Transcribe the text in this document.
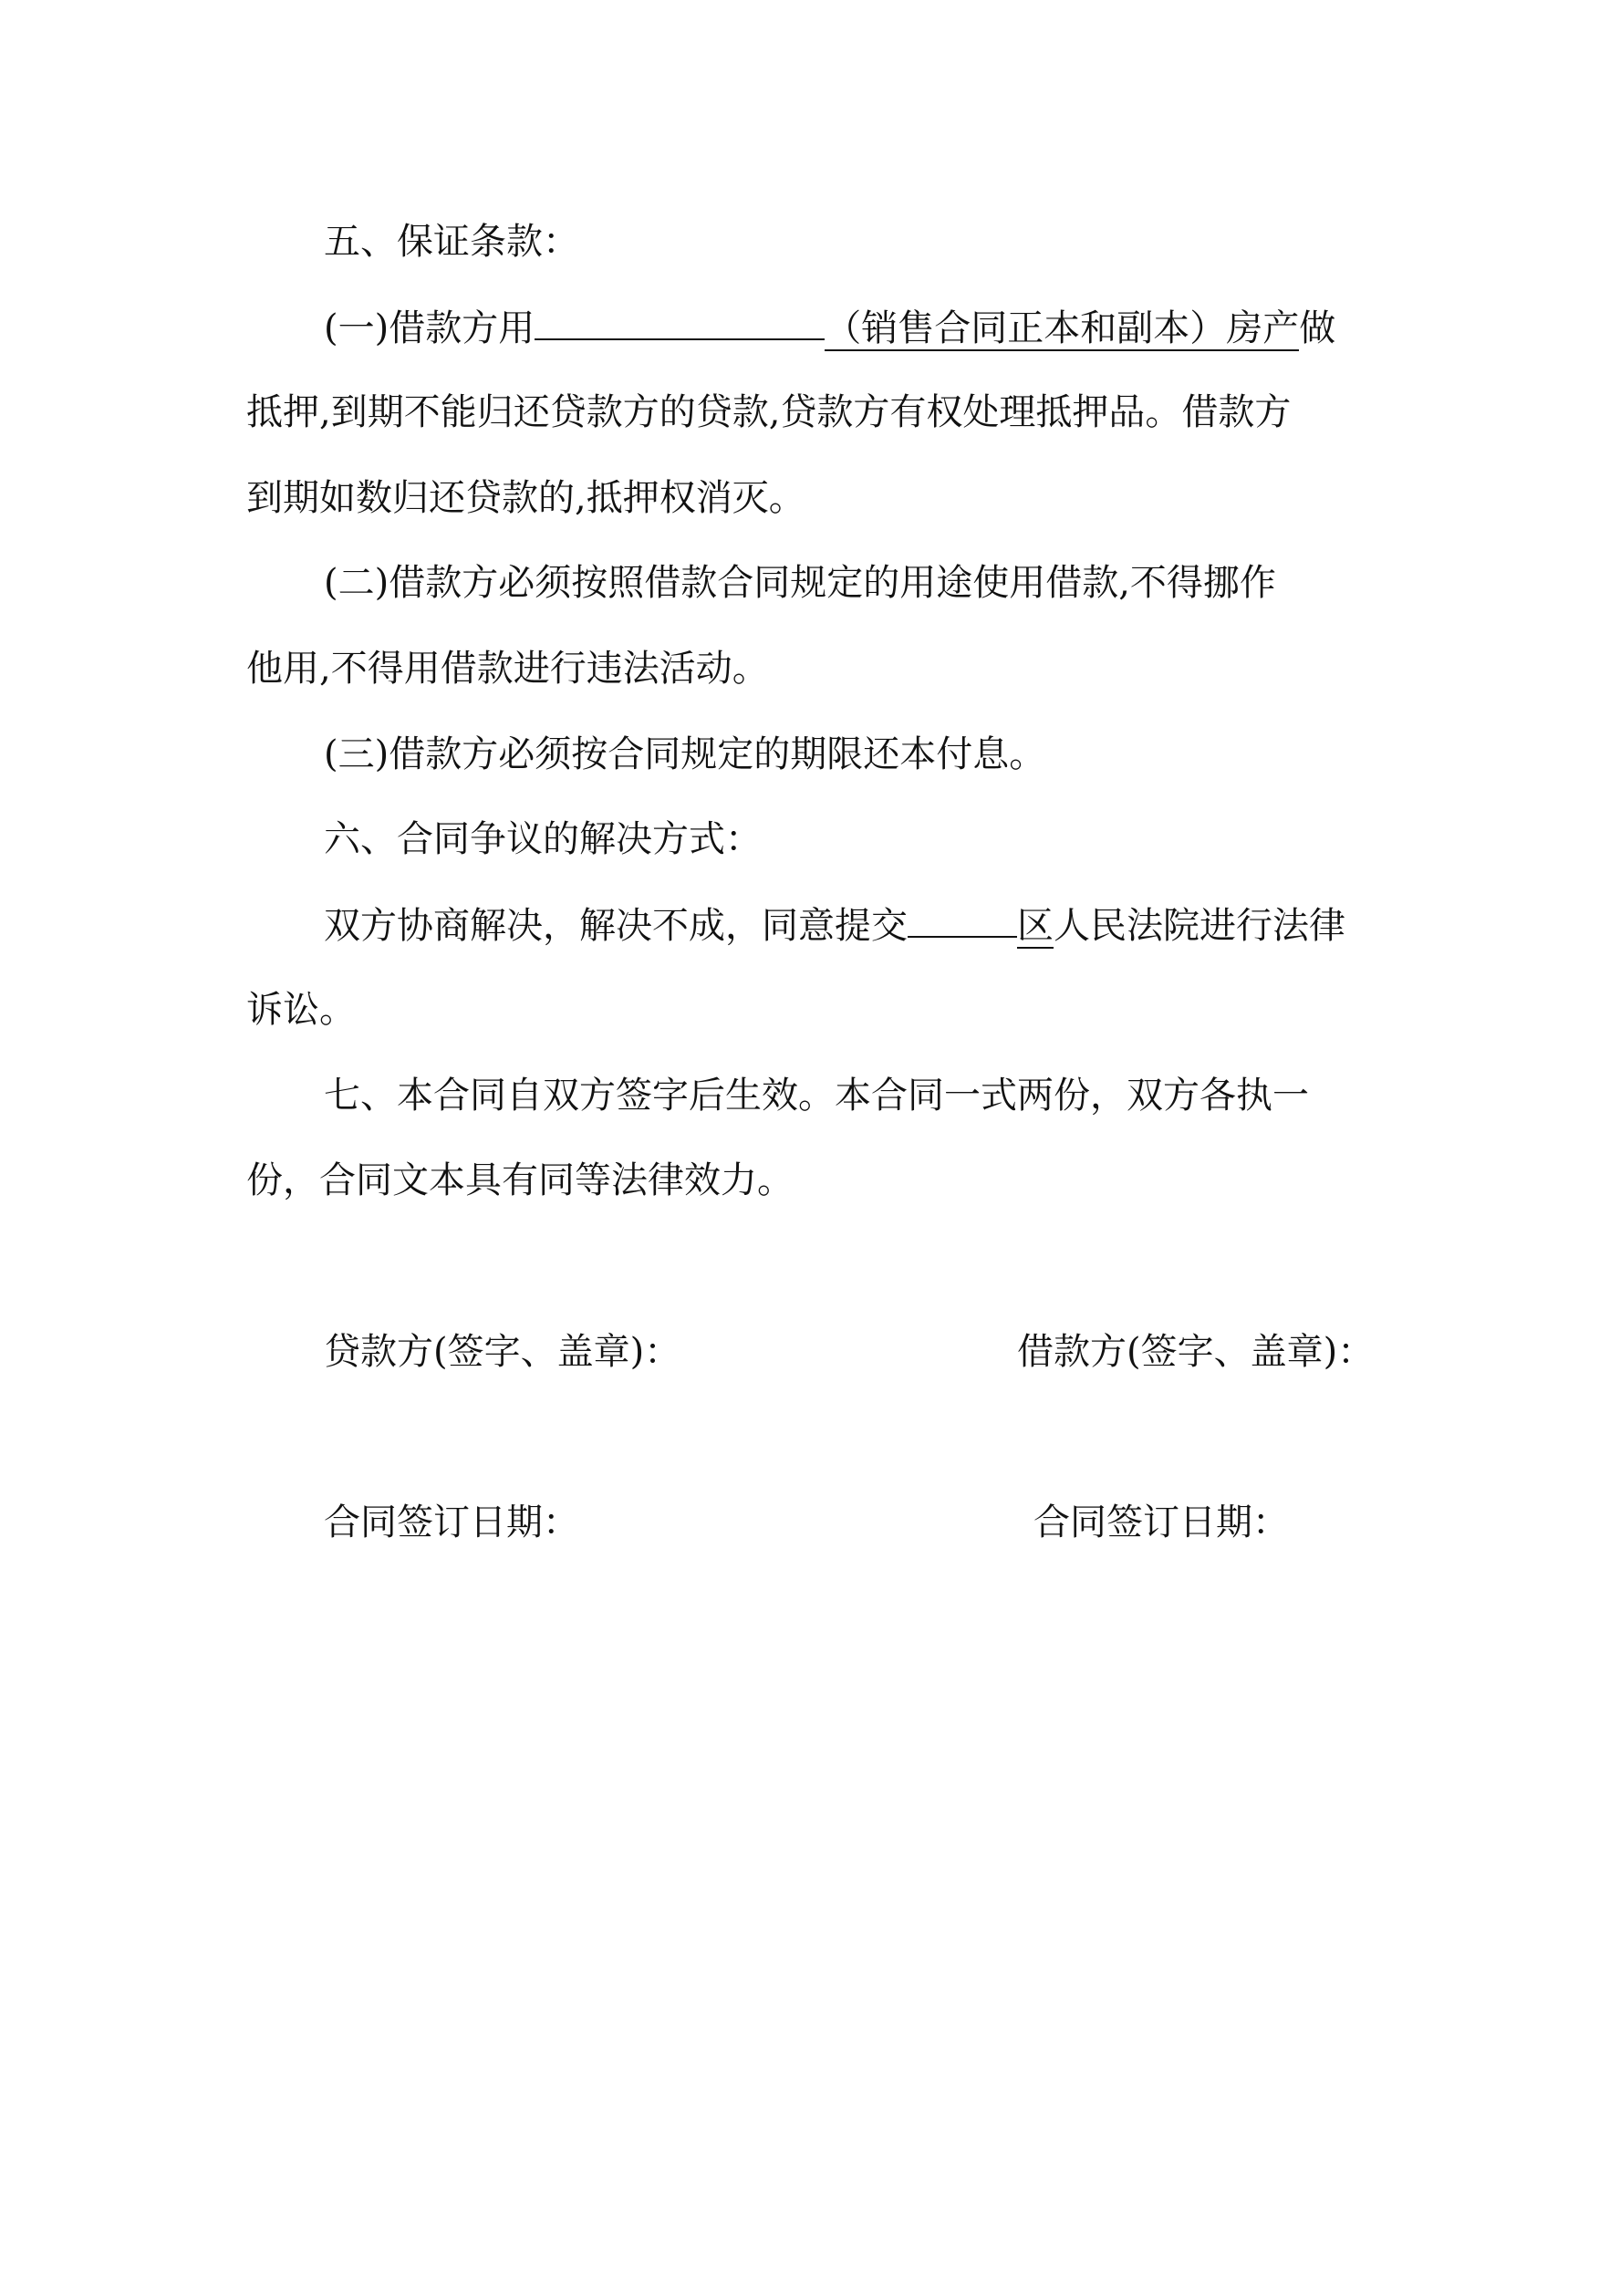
五、保证条款：
(一)借款方用	（销售合同正本和副本）房产做
抵押,到期不能归还贷款方的贷款,贷款方有权处理抵押品。借款方
到期如数归还贷款的,抵押权消灭。
(二)借款方必须按照借款合同规定的用途使用借款,不得挪作
他用,不得用借款进行违法活动。
(三)借款方必须按合同规定的期限还本付息。
六、合同争议的解决方式：
双方协商解决，解决不成，同意提交	区人民法院进行法律
诉讼。
七、本合同自双方签字后生效。本合同一式两份，双方各执一
份，合同文本具有同等法律效力。
贷款方(签字、盖章)：	借款方(签字、盖章)：
合同签订日期：	合同签订日期：
